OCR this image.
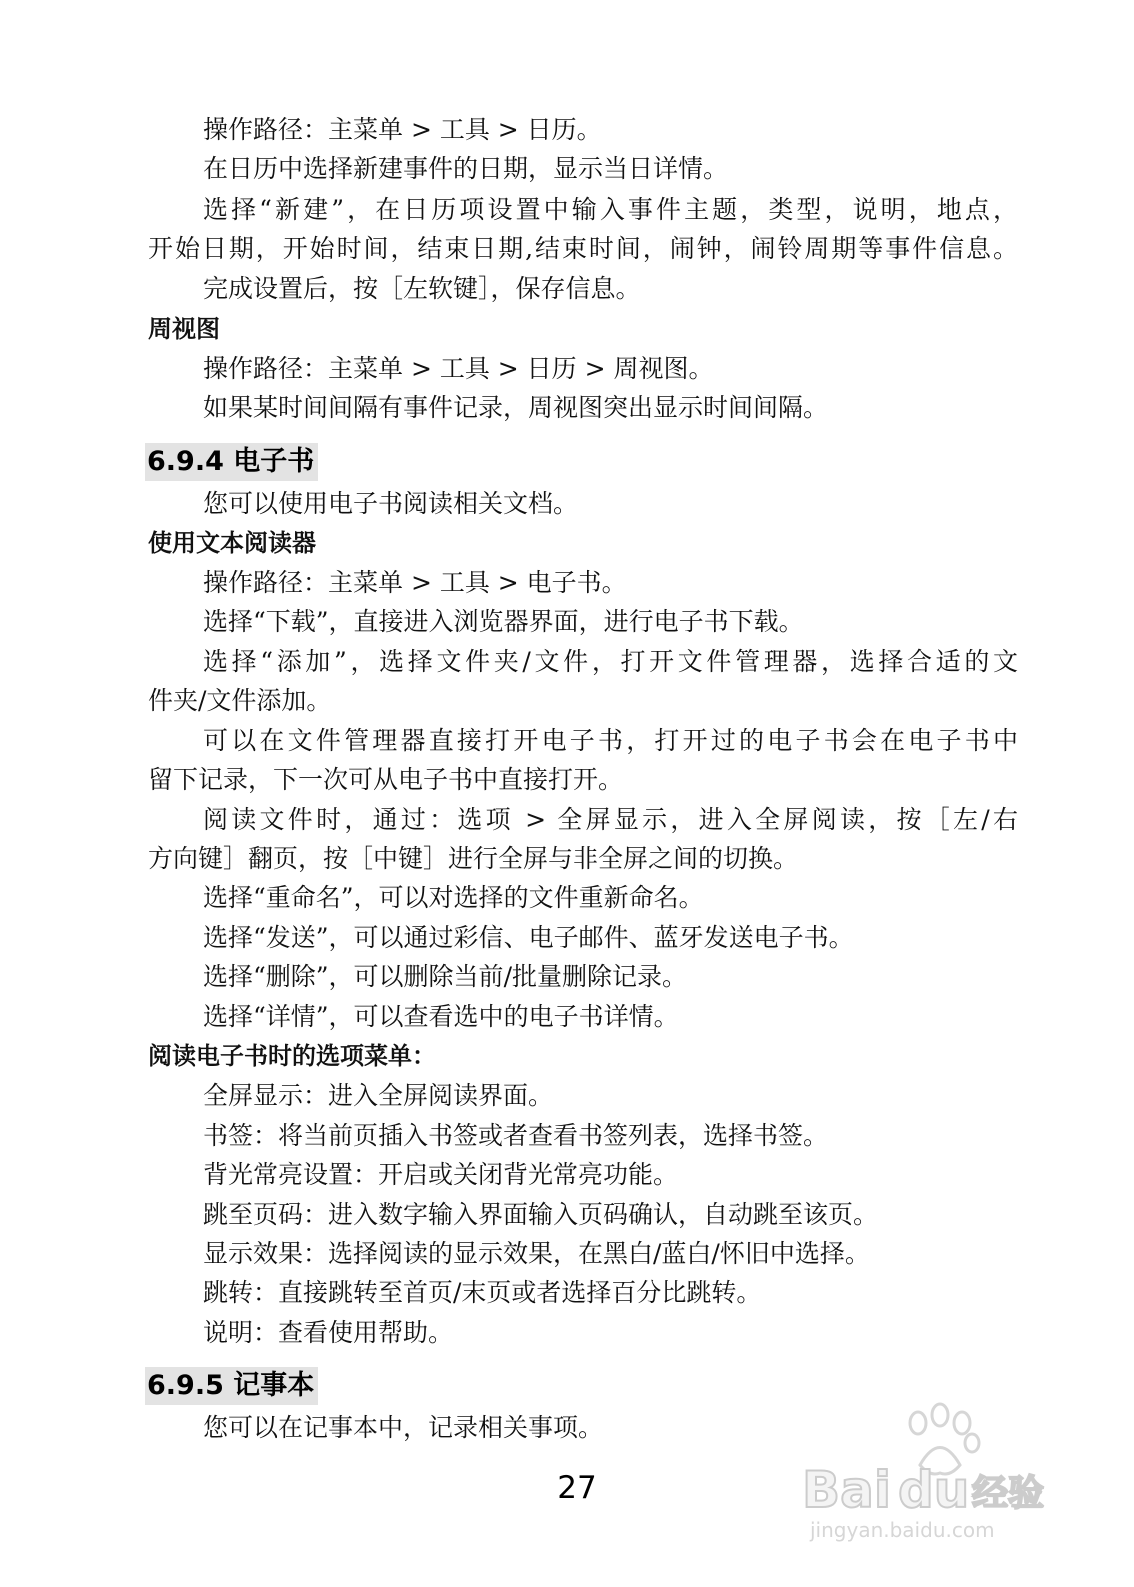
操作路径：主菜单 > 工具 > 日历。
在日历中选择新建事件的日期，显示当日详情。
选择“新建”，在日历项设置中输入事件主题，类型，说明，地点，
开始日期，开始时间，结束日期,结束时间，闹钟，闹铃周期等事件信息。
完成设置后，按［左软键］，保存信息。
周视图
操作路径：主菜单 > 工具 > 日历 > 周视图。
如果某时间间隔有事件记录，周视图突出显示时间间隔。
6.9.4 电子书
您可以使用电子书阅读相关文档。
使用文本阅读器
操作路径：主菜单 > 工具 > 电子书。
选择“下载”，直接进入浏览器界面，进行电子书下载。
选择“添加”，选择文件夹/文件，打开文件管理器，选择合适的文
件夹/文件添加。
可以在文件管理器直接打开电子书，打开过的电子书会在电子书中
留下记录，下一次可从电子书中直接打开。
阅读文件时，通过：选项 > 全屏显示，进入全屏阅读，按［左/右
方向键］翻页，按［中键］进行全屏与非全屏之间的切换。
选择“重命名”，可以对选择的文件重新命名。
选择“发送”，可以通过彩信、电子邮件、蓝牙发送电子书。
选择“删除”，可以删除当前/批量删除记录。
选择“详情”，可以查看选中的电子书详情。
阅读电子书时的选项菜单：
全屏显示：进入全屏阅读界面。
书签：将当前页插入书签或者查看书签列表，选择书签。
背光常亮设置：开启或关闭背光常亮功能。
跳至页码：进入数字输入界面输入页码确认，自动跳至该页。
显示效果：选择阅读的显示效果，在黑白/蓝白/怀旧中选择。
跳转：直接跳转至首页/末页或者选择百分比跳转。
说明：查看使用帮助。
6.9.5 记事本
您可以在记事本中，记录相关事项。
27	Bai du 经验
jingyan.baidu.com
